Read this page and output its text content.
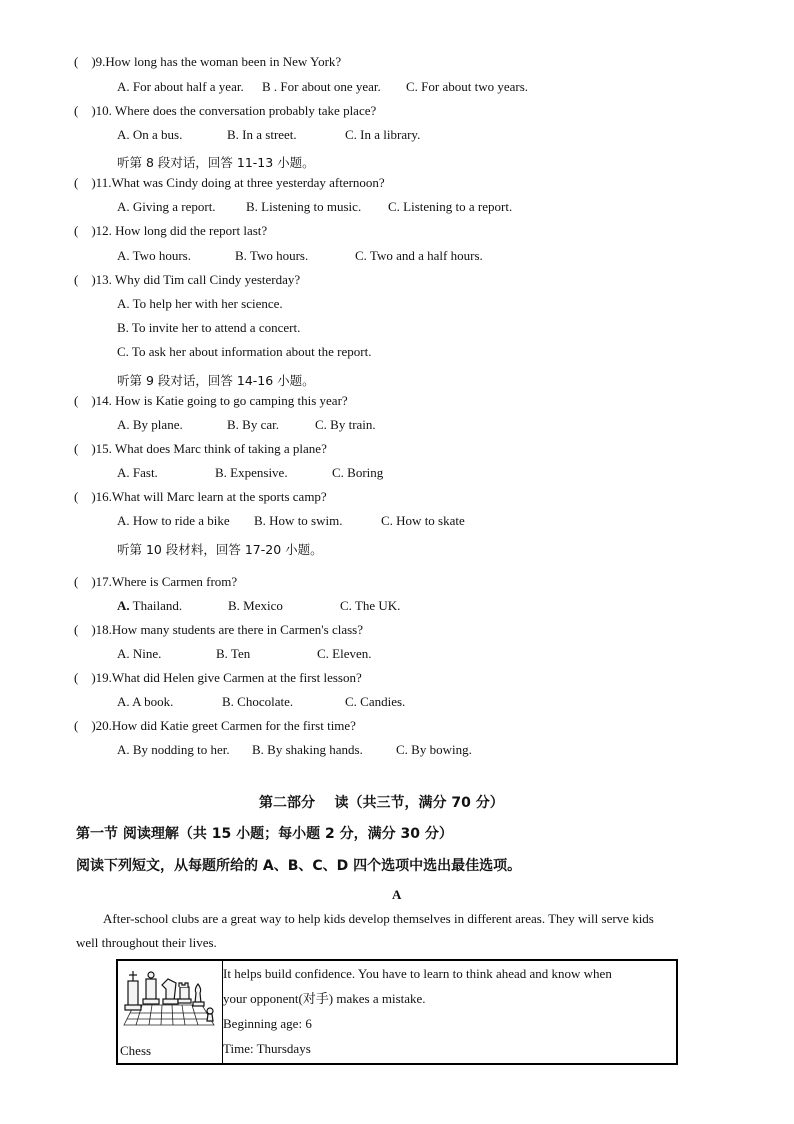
(    )9.How long has the woman been in New York?
A. For about half a year. B . For about one year. C. For about two years.
(    )10. Where does the conversation probably take place?
A. On a bus.	B. In a street.	C. In a library.
听第 8 段对话，回答 11-13 小题。
(    )11.What was Cindy doing at three yesterday afternoon?
A. Giving a report. B. Listening to music. C. Listening to a report.
(    )12. How long did the report last?
A. Two hours.	B. Two hours.	C. Two and a half hours.
(    )13. Why did Tim call Cindy yesterday?
A. To help her with her science.
B. To invite her to attend a concert.
C. To ask her about information about the report.
听第 9 段对话，回答 14-16 小题。
(    )14. How is Katie going to go camping this year?
A. By plane.	B. By car.	C. By train.
(    )15. What does Marc think of taking a plane?
A. Fast.	B. Expensive.	C. Boring
(    )16.What will Marc learn at the sports camp?
A. How to ride a bike B. How to swim.	C. How to skate
听第 10 段材料，回答 17-20 小题。
(    )17.Where is Carmen from?
A. Thailand.	B. Mexico	C. The UK.
(    )18.How many students are there in Carmen's class?
A. Nine.	B. Ten	C. Eleven.
(    )19.What did Helen give Carmen at the first lesson?
A. A book.	B. Chocolate.	C. Candies.
(    )20.How did Katie greet Carmen for the first time?
A. By nodding to her. B. By shaking hands.	C. By bowing.
第二部分    读（共三节，满分 70 分）
第一节 阅读理解（共 15 小题；每小题 2 分，满分 30 分）
阅读下列短文，从每题所给的 A、B、C、D 四个选项中选出最佳选项。
A
After-school clubs are a great way to help kids develop themselves in different areas. They will serve kids
well throughout their lives.
Chess

It helps build confidence. You have to learn to think ahead and know when
your opponent(对手) makes a mistake.
Beginning age: 6
Time: Thursdays
